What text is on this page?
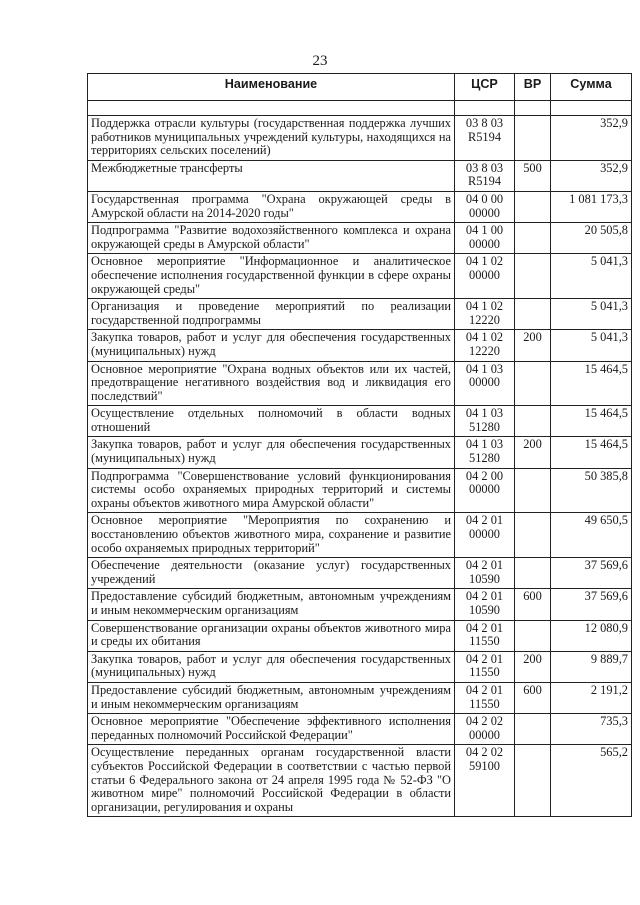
23
Наименование	ЦСР	ВР	Сумма

Поддержка отрасли культуры (государственная поддержка лучших работников муниципальных учреждений культуры, находящихся на территориях сельских поселений)	03 8 03 R5194		352,9
Межбюджетные трансферты	03 8 03 R5194	500	352,9
Государственная программа "Охрана окружающей среды в Амурской области на 2014-2020 годы"	04 0 00 00000		1 081 173,3
Подпрограмма "Развитие водохозяйственного комплекса и охрана окружающей среды в Амурской области"	04 1 00 00000		20 505,8
Основное мероприятие "Информационное и аналитическое обеспечение исполнения государственной функции в сфере охраны окружающей среды"	04 1 02 00000		5 041,3
Организация и проведение мероприятий по реализации государственной подпрограммы	04 1 02 12220		5 041,3
Закупка товаров, работ и услуг для обеспечения государственных (муниципальных) нужд	04 1 02 12220	200	5 041,3
Основное мероприятие "Охрана водных объектов или их частей, предотвращение негативного воздействия вод и ликвидация его последствий"	04 1 03 00000		15 464,5
Осуществление отдельных полномочий в области водных отношений	04 1 03 51280		15 464,5
Закупка товаров, работ и услуг для обеспечения государственных (муниципальных) нужд	04 1 03 51280	200	15 464,5
Подпрограмма "Совершенствование условий функционирования системы особо охраняемых природных территорий и системы охраны объектов животного мира Амурской области"	04 2 00 00000		50 385,8
Основное мероприятие "Мероприятия по сохранению и восстановлению объектов животного мира, сохранение и развитие особо охраняемых природных территорий"	04 2 01 00000		49 650,5
Обеспечение деятельности (оказание услуг) государственных учреждений	04 2 01 10590		37 569,6
Предоставление субсидий бюджетным, автономным учреждениям и иным некоммерческим организациям	04 2 01 10590	600	37 569,6
Совершенствование организации охраны объектов животного мира и среды их обитания	04 2 01 11550		12 080,9
Закупка товаров, работ и услуг для обеспечения государственных (муниципальных) нужд	04 2 01 11550	200	9 889,7
Предоставление субсидий бюджетным, автономным учреждениям и иным некоммерческим организациям	04 2 01 11550	600	2 191,2
Основное мероприятие "Обеспечение эффективного исполнения переданных полномочий Российской Федерации"	04 2 02 00000		735,3
Осуществление переданных органам государственной власти субъектов Российской Федерации в соответствии с частью первой статьи 6 Федерального закона от 24 апреля 1995 года № 52-ФЗ "О животном мире" полномочий Российской Федерации в области организации, регулирования и охраны	04 2 02 59100		565,2
